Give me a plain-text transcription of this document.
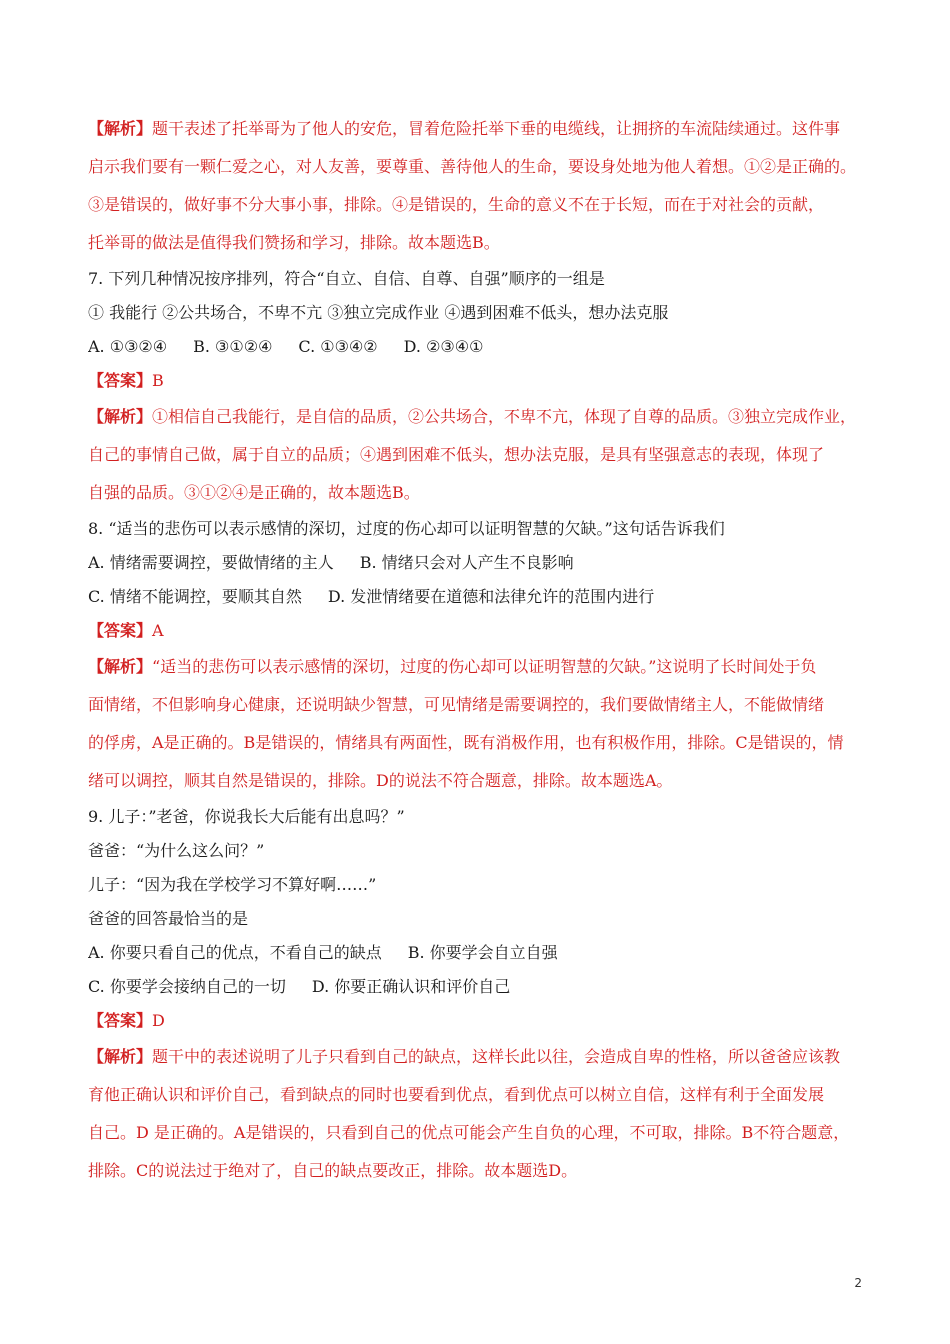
【解析】题干表述了托举哥为了他人的安危，冒着危险托举下垂的电缆线，让拥挤的车流陆续通过。这件事
启示我们要有一颗仁爱之心，对人友善，要尊重、善待他人的生命，要设身处地为他人着想。①②是正确的。
③是错误的，做好事不分大事小事，排除。④是错误的，生命的意义不在于长短，而在于对社会的贡献，
托举哥的做法是值得我们赞扬和学习，排除。故本题选B。
7. 下列几种情况按序排列，符合“自立、自信、自尊、自强”顺序的一组是
① 我能行 ②公共场合，不卑不亢 ③独立完成作业 ④遇到困难不低头，想办法克服
A. ①③②④ B. ③①②④ C. ①③④② D. ②③④①
【答案】B
【解析】①相信自己我能行，是自信的品质，②公共场合，不卑不亢，体现了自尊的品质。③独立完成作业，
自己的事情自己做，属于自立的品质；④遇到困难不低头，想办法克服，是具有坚强意志的表现，体现了
自强的品质。③①②④是正确的，故本题选B。
8. “适当的悲伤可以表示感情的深切，过度的伤心却可以证明智慧的欠缺。”这句话告诉我们
A. 情绪需要调控，要做情绪的主人 B. 情绪只会对人产生不良影响
C. 情绪不能调控，要顺其自然 D. 发泄情绪要在道德和法律允许的范围内进行
【答案】A
【解析】“适当的悲伤可以表示感情的深切，过度的伤心却可以证明智慧的欠缺。”这说明了长时间处于负
面情绪，不但影响身心健康，还说明缺少智慧，可见情绪是需要调控的，我们要做情绪主人，不能做情绪
的俘虏，A是正确的。B是错误的，情绪具有两面性，既有消极作用，也有积极作用，排除。C是错误的，情
绪可以调控，顺其自然是错误的，排除。D的说法不符合题意，排除。故本题选A。
9. 儿子：”老爸，你说我长大后能有出息吗？”
爸爸：“为什么这么问？”
儿子：“因为我在学校学习不算好啊……”
爸爸的回答最恰当的是
A. 你要只看自己的优点，不看自己的缺点 B. 你要学会自立自强
C. 你要学会接纳自己的一切 D. 你要正确认识和评价自己
【答案】D
【解析】题干中的表述说明了儿子只看到自己的缺点，这样长此以往，会造成自卑的性格，所以爸爸应该教
育他正确认识和评价自己，看到缺点的同时也要看到优点，看到优点可以树立自信，这样有利于全面发展
自己。D 是正确的。A是错误的，只看到自己的优点可能会产生自负的心理，不可取，排除。B不符合题意，
排除。C的说法过于绝对了，自己的缺点要改正，排除。故本题选D。
2
